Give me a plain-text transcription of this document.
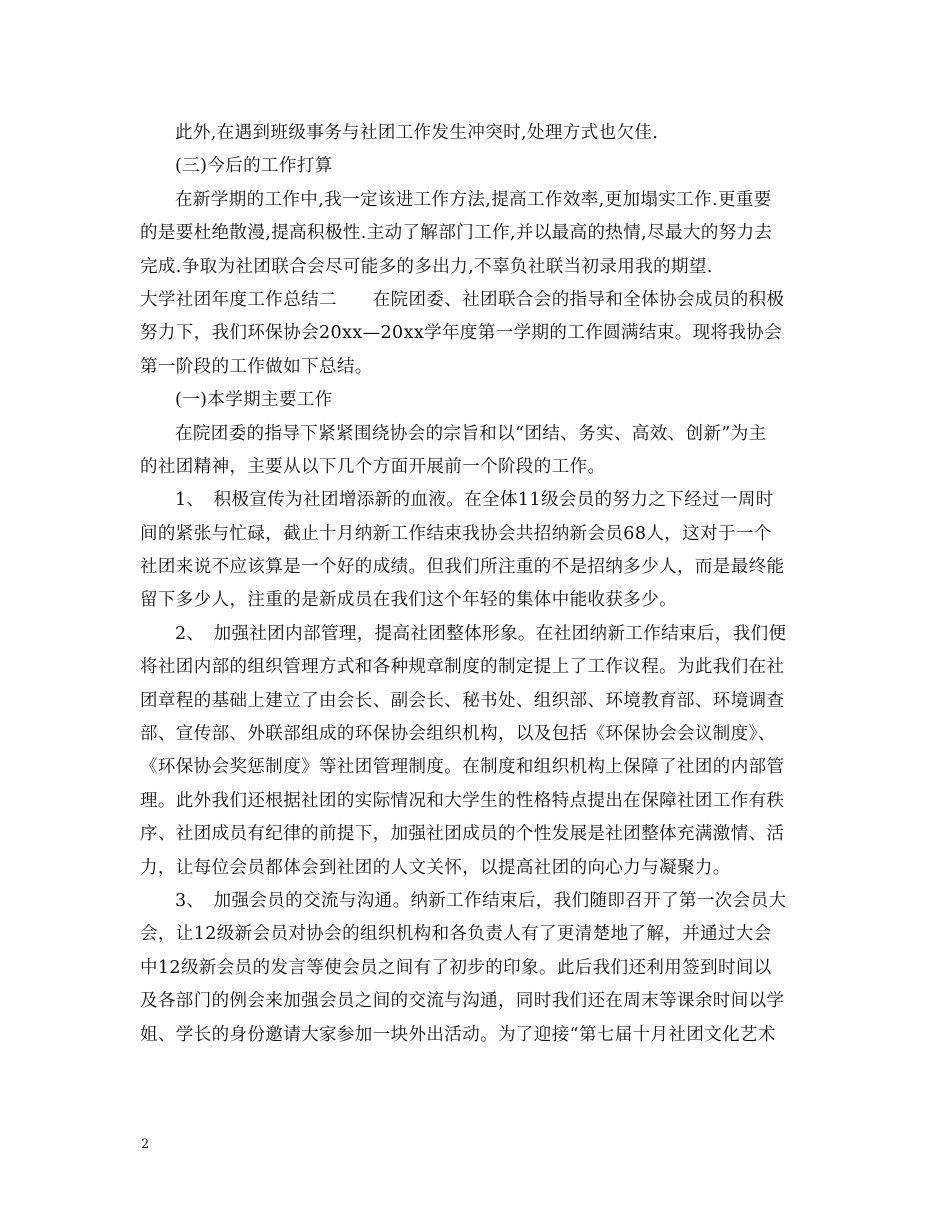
此外,在遇到班级事务与社团工作发生冲突时,处理方式也欠佳.
(三)今后的工作打算
在新学期的工作中,我一定该进工作方法,提高工作效率,更加塌实工作.更重要
的是要杜绝散漫,提高积极性.主动了解部门工作,并以最高的热情,尽最大的努力去
完成.争取为社团联合会尽可能多的多出力,不辜负社联当初录用我的期望.
大学社团年度工作总结二　　在院团委、社团联合会的指导和全体协会成员的积极
努力下，我们环保协会20xx—20xx学年度第一学期的工作圆满结束。现将我协会
第一阶段的工作做如下总结。
(一)本学期主要工作
在院团委的指导下紧紧围绕协会的宗旨和以“团结、务实、高效、创新”为主
的社团精神，主要从以下几个方面开展前一个阶段的工作。
1、　积极宣传为社团增添新的血液。在全体11级会员的努力之下经过一周时
间的紧张与忙碌，截止十月纳新工作结束我协会共招纳新会员68人，这对于一个
社团来说不应该算是一个好的成绩。但我们所注重的不是招纳多少人，而是最终能
留下多少人，注重的是新成员在我们这个年轻的集体中能收获多少。
2、　加强社团内部管理，提高社团整体形象。在社团纳新工作结束后，我们便
将社团内部的组织管理方式和各种规章制度的制定提上了工作议程。为此我们在社
团章程的基础上建立了由会长、副会长、秘书处、组织部、环境教育部、环境调查
部、宣传部、外联部组成的环保协会组织机构，以及包括《环保协会会议制度》、
《环保协会奖惩制度》等社团管理制度。在制度和组织机构上保障了社团的内部管
理。此外我们还根据社团的实际情况和大学生的性格特点提出在保障社团工作有秩
序、社团成员有纪律的前提下，加强社团成员的个性发展是社团整体充满激情、活
力，让每位会员都体会到社团的人文关怀，以提高社团的向心力与凝聚力。
3、　加强会员的交流与沟通。纳新工作结束后，我们随即召开了第一次会员大
会，让12级新会员对协会的组织机构和各负责人有了更清楚地了解，并通过大会
中12级新会员的发言等使会员之间有了初步的印象。此后我们还利用签到时间以
及各部门的例会来加强会员之间的交流与沟通，同时我们还在周末等课余时间以学
姐、学长的身份邀请大家参加一块外出活动。为了迎接“第七届十月社团文化艺术
2
